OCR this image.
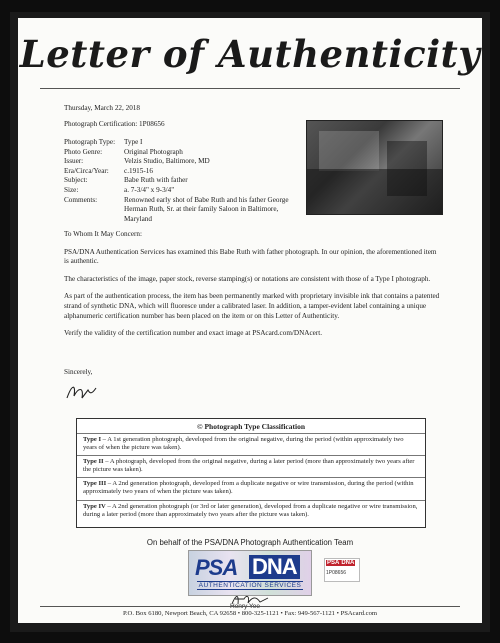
Letter of Authenticity
Thursday, March 22, 2018
Photograph Certification: 1P08656
Photograph Type:	Type I
Photo Genre:	Original Photograph
Issuer:	Velzis Studio, Baltimore, MD
Era/Circa/Year:	c.1915-16
Subject:	Babe Ruth with father
Size:	a. 7-3/4" x 9-3/4"
Comments:	Renowned early shot of Babe Ruth and his father George Herman Ruth, Sr. at their family Saloon in Baltimore, Maryland

To Whom It May Concern:

PSA/DNA Authentication Services has examined this Babe Ruth with father photograph. In our opinion, the aforementioned item is authentic.

The characteristics of the image, paper stock, reverse stamping(s) or notations are consistent with those of a Type I photograph.

As part of the authentication process, the item has been permanently marked with proprietary invisible ink that contains a patented strand of synthetic DNA, which will fluoresce under a calibrated laser. In addition, a tamper-evident label containing a unique alphanumeric certification number has been placed on the item or on this Letter of Authenticity.

Verify the validity of the certification number and exact image at PSAcard.com/DNAcert.

Sincerely,
© Photograph Type Classification
Type I – A 1st generation photograph, developed from the original negative, during the period (within approximately two years of when the picture was taken).
Type II – A photograph, developed from the original negative, during a later period (more than approximately two years after the picture was taken).
Type III – A 2nd generation photograph, developed from a duplicate negative or wire transmission, during the period (within approximately two years of when the picture was taken).
Type IV – A 2nd generation photograph (or 3rd or later generation), developed from a duplicate negative or wire transmission, during a later period (more than approximately two years after the picture was taken).
On behalf of the PSA/DNA Photograph Authentication Team
PSA DNA
AUTHENTICATION SERVICES
PSA DNA
1P08656
Henry Yee
P.O. Box 6180, Newport Beach, CA 92658 • 800-325-1121 • Fax: 949-567-1121 • PSAcard.com
